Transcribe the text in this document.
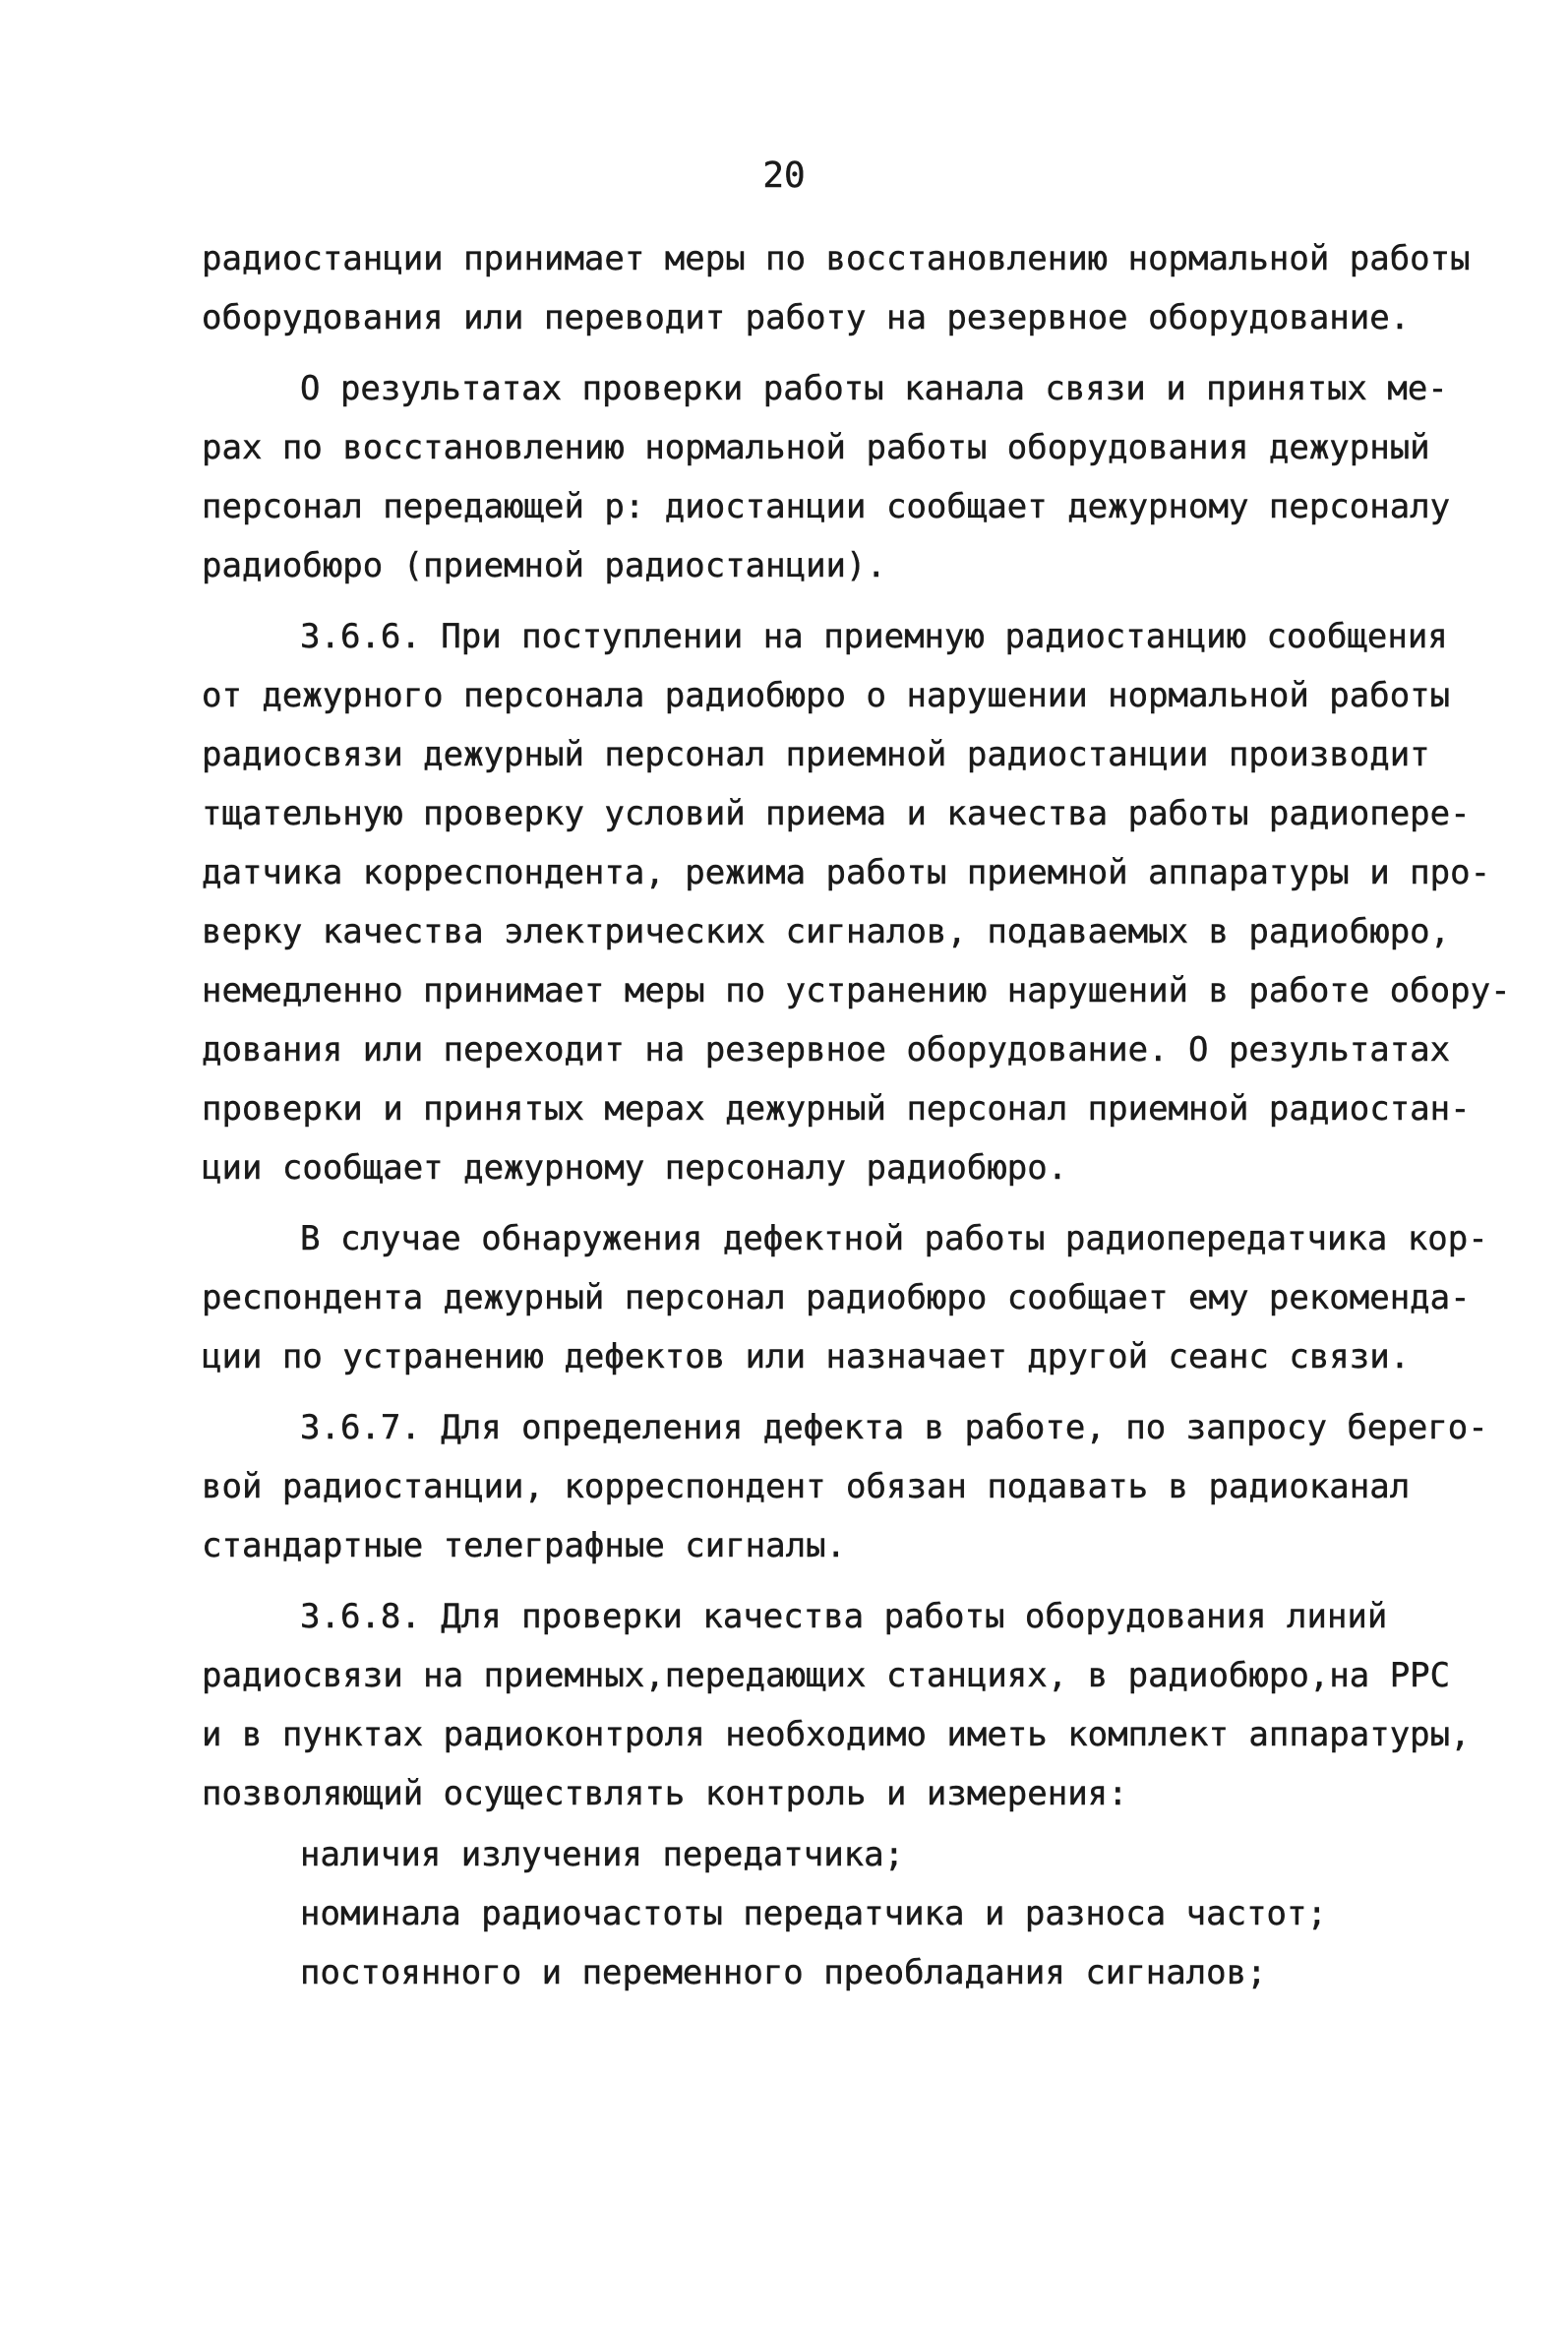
20
радиостанции принимает меры по восстановлению нормальной работы
оборудования или переводит работу на резервное оборудование.
О результатах проверки работы канала связи и принятых ме-
рах по восстановлению нормальной работы оборудования дежурный
персонал передающей р: диостанции сообщает дежурному персоналу
радиобюро (приемной радиостанции).
3.6.6. При поступлении на приемную радиостанцию сообщения
от дежурного персонала радиобюро о нарушении нормальной работы
радиосвязи дежурный персонал приемной радиостанции производит
тщательную проверку условий приема и качества работы радиопере-
датчика корреспондента, режима работы приемной аппаратуры и про-
верку качества электрических сигналов, подаваемых в радиобюро,
немедленно принимает меры по устранению нарушений в работе обору-
дования или переходит на резервное оборудование. О результатах
проверки и принятых мерах дежурный персонал приемной радиостан-
ции сообщает дежурному персоналу радиобюро.
В случае обнаружения дефектной работы радиопередатчика кор-
респондента дежурный персонал радиобюро сообщает ему рекоменда-
ции по устранению дефектов или назначает другой сеанс связи.
3.6.7. Для определения дефекта в работе, по запросу берего-
вой радиостанции, корреспондент обязан подавать в радиоканал
стандартные телеграфные сигналы.
3.6.8. Для проверки качества работы оборудования линий
радиосвязи на приемных,передающих станциях, в радиобюро,на РРС
и в пунктах радиоконтроля необходимо иметь комплект аппаратуры,
позволяющий осуществлять контроль и измерения:
наличия излучения передатчика;
номинала радиочастоты передатчика и разноса частот;
постоянного и переменного преобладания сигналов;
